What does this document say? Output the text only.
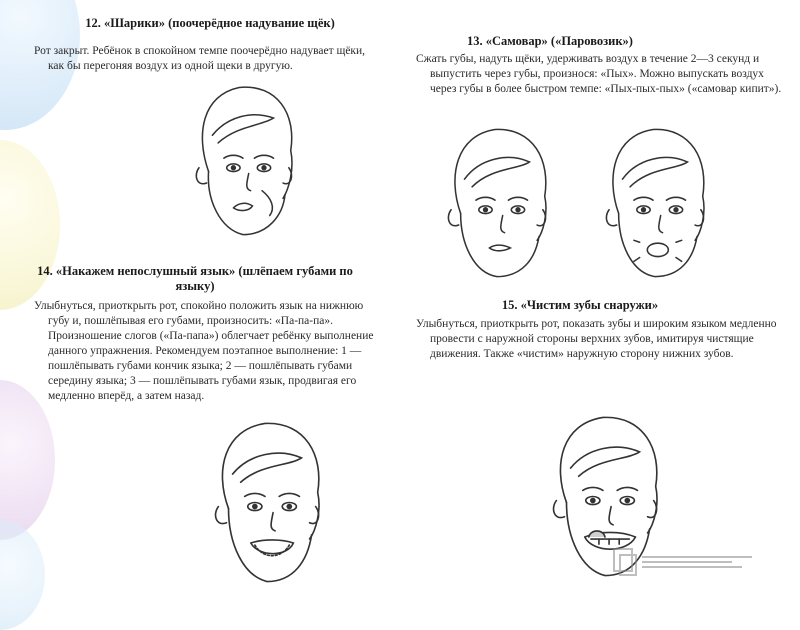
12. «Шарики» (поочерёдное надувание щёк)

Рот закрыт. Ребёнок в спокойном темпе поочерёдно надувает щёки, как бы перегоняя воздух из одной щеки в другую.

13. «Самовар» («Паровозик»)

Сжать губы, надуть щёки, удерживать воздух в течение 2—3 секунд и выпустить через губы, произнося: «Пых». Можно выпускать воздух через губы в более быстром темпе: «Пых-пых-пых» («самовар кипит»).

14. «Накажем непослушный язык» (шлёпаем губами по языку)

Улыбнуться, приоткрыть рот, спокойно положить язык на нижнюю губу и, пошлёпывая его губами, произносить: «Па-па-па». Произношение слогов («Па-папа») облегчает ребёнку выполнение данного упражнения. Рекомендуем поэтапное выполнение: 1 — пошлёпывать губами кончик языка; 2 — пошлёпывать губами середину языка; 3 — пошлёпывать губами язык, продвигая его медленно вперёд, а затем назад.

15. «Чистим зубы снаружи»

Улыбнуться, приоткрыть рот, показать зубы и широким языком медленно провести с наружной стороны верхних зубов, имитируя чистящие движения. Также «чистим» наружную сторону нижних зубов.
